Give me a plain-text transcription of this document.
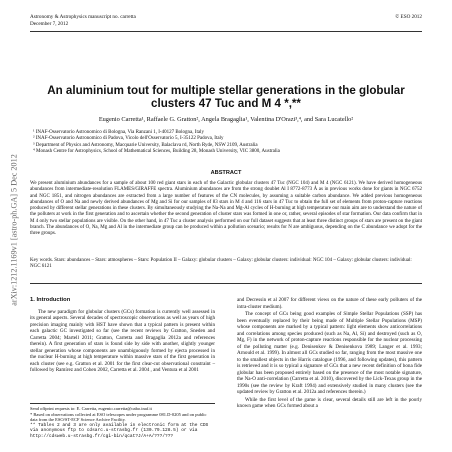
Astronomy & Astrophysics manuscript no. carretta
December 7, 2012
© ESO 2012
arXiv:1212.1169v1 [astro-ph.GA] 5 Dec 2012
An aluminium tout for multiple stellar generations in the globular clusters 47 Tuc and M 4 *,**
Eugenio Carretta¹, Raffaele G. Gratton², Angela Bragaglia¹, Valentina D'Orazi³,⁴, and Sara Lucatello²
¹ INAF-Osservatorio Astronomico di Bologna, Via Ranzani 1, I-40127 Bologna, Italy
² INAF-Osservatorio Astronomico di Padova, Vicolo dell'Osservatorio 5, I-35122 Padova, Italy
³ Department of Physics and Astronomy, Macquarie University, Balaclava rd, North Ryde, NSW 2109, Australia
⁴ Monash Centre for Astrophysics, School of Mathematical Sciences, Building 28, Monash University, VIC 3800, Australia
ABSTRACT
We present aluminium abundances for a sample of about 100 red giant stars in each of the Galactic globular clusters 47 Tuc (NGC 104) and M 4 (NGC 6121). We have derived homogeneous abundances from intermediate-resolution FLAMES/GIRAFFE spectra. Aluminium abundances are from the strong doublet Al I 8772-8773 Å as in previous works done for giants in NGC 6752 and NGC 1851, and nitrogen abundances are extracted from a large number of features of the CN molecules, by assuming a suitable carbon abundance. We added previous homogeneous abundances of O and Na and newly derived abundances of Mg and Si for our samples of 83 stars in M 4 and 116 stars in 47 Tuc to obtain the full set of elements from proton-capture reactions produced by different stellar generations in these clusters. By simultaneously studying the Na-Na and Mg-Al cycles of H-burning at high temperature our main aim are to understand the nature of the polluters at work in the first generation and to ascertain whether the second generation of cluster stars was formed in one or, rather, several episodes of star formation. Our data confirm that in M 4 only two stellar populations are visible. On the other hand, in 47 Tuc a cluster analysis performed on our full dataset suggests that at least three distinct groups of stars are present on the giant branch. The abundances of O, Na, Mg and Al in the intermediate group can be produced within a pollution scenario; results for N are ambiguous, depending on the C abundance we adopt for the three groups.
Key words. Stars: abundances – Stars: atmospheres – Stars: Population II – Galaxy: globular clusters – Galaxy: globular clusters: individual: NGC 104 – Galaxy: globular clusters: individual: NGC 6121
1. Introduction

The new paradigm for globular clusters (GCs) formation is currently well assessed in its general aspects. Several decades of spectroscopic observations as well as years of high precision imaging mainly with HST have shown that a typical pattern is present within each galactic GC investigated so far (see the recent reviews by Gratton, Sneden and Carretta 2004; Martell 2011; Gratton, Carretta and Bragaglia 2012a and references therein). A first generation of stars is found side by side with another, slightly younger stellar generation whose components are unambiguously formed by ejecta processed in the nuclear H-burning at high temperature within massive stars of the first generation in each cluster (see e.g. Gratton et al. 2001 for the first clear-cut observational constraint – followed by Ramírez and Cohen 2002, Carretta et al. 2004 , and Ventura et al 2001

Send offprint requests to: E. Carretta, eugenio.carretta@oabo.inaf.it

* Based on observations collected at ESO telescopes under programme 081.D-0205 and on public data from the ESO/ST-ECF Science Archive Facility.

** Tables 2 and 3 are only available in electronic form at the CDS via anonymous ftp to cdsarc.u-strasbg.fr (130.79.128.5) or via http://cdsweb.u-strasbg.fr/cgi-bin/qcat?J/A+A/???/???

and Decressin et al 2007 for different views on the nature of these early polluters of the intra-cluster medium).

The concept of GCs being good examples of Simple Stellar Populations (SSP) has been eventually replaced by their being made of Multiple Stellar Populations (MSP) whose components are marked by a typical pattern: light elements show anticorrelations and correlations among species produced (such as Na, Al, Si) and destroyed (such as O, Mg, F) in the network of proton-capture reactions responsible for the nuclear processing of the polluting matter (e.g. Denisenkov & Denisenkova 1989; Langer et al. 1993; Arnould et al. 1999). In almost all GCs studied so far, ranging from the most massive one to the smallest objects in the Harris catalogue (1996, and following updates), this pattern is retrieved and it is so typical a signature of GCs that a new recent definition of bona fide globular has been proposed entirely based on the presence of the most notable signature, the Na-O anti-correlation (Carretta et al. 2010), discovered by the Lick-Texas group in the 1990s (see the review by Kraft 1994) and extensively studied in many clusters (see the updated review by Gratton et al. 2012a and references therein.)

While the first level of the game is clear, several details still are left in the poorly known game when GCs formed about a
